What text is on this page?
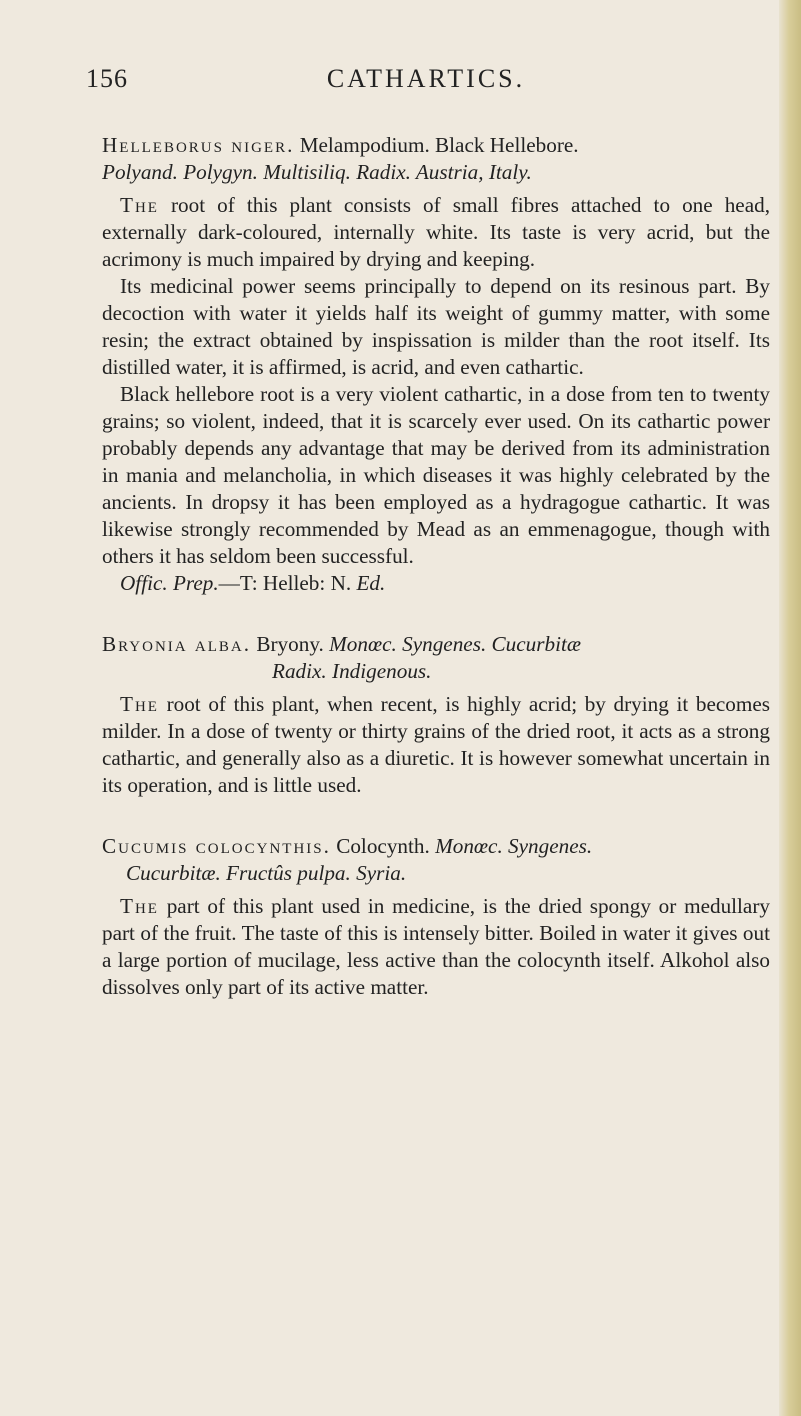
156	CATHARTICS.

Helleborus niger. Melampodium. Black Hellebore.
Polyand. Polygyn. Multisiliq. Radix. Austria, Italy.

The root of this plant consists of small fibres attached to one head, externally dark-coloured, internally white. Its taste is very acrid, but the acrimony is much impaired by drying and keeping.

Its medicinal power seems principally to depend on its resinous part. By decoction with water it yields half its weight of gummy matter, with some resin; the extract obtained by inspissation is milder than the root itself. Its distilled water, it is affirmed, is acrid, and even cathartic.

Black hellebore root is a very violent cathartic, in a dose from ten to twenty grains; so violent, indeed, that it is scarcely ever used. On its cathartic power probably depends any advantage that may be derived from its administration in mania and melancholia, in which diseases it was highly celebrated by the ancients. In dropsy it has been employed as a hydragogue cathartic. It was likewise strongly recommended by Mead as an emmenagogue, though with others it has seldom been successful.

Offic. Prep.—T: Helleb: N. Ed.

Bryonia alba. Bryony. Monœc. Syngenes. Cucurbitæ
Radix. Indigenous.

The root of this plant, when recent, is highly acrid; by drying it becomes milder. In a dose of twenty or thirty grains of the dried root, it acts as a strong cathartic, and generally also as a diuretic. It is however somewhat uncertain in its operation, and is little used.

Cucumis colocynthis. Colocynth. Monœc. Syngenes.
Cucurbitæ. Fructûs pulpa. Syria.

The part of this plant used in medicine, is the dried spongy or medullary part of the fruit. The taste of this is intensely bitter. Boiled in water it gives out a large portion of mucilage, less active than the colocynth itself. Alkohol also dissolves only part of its active matter.
